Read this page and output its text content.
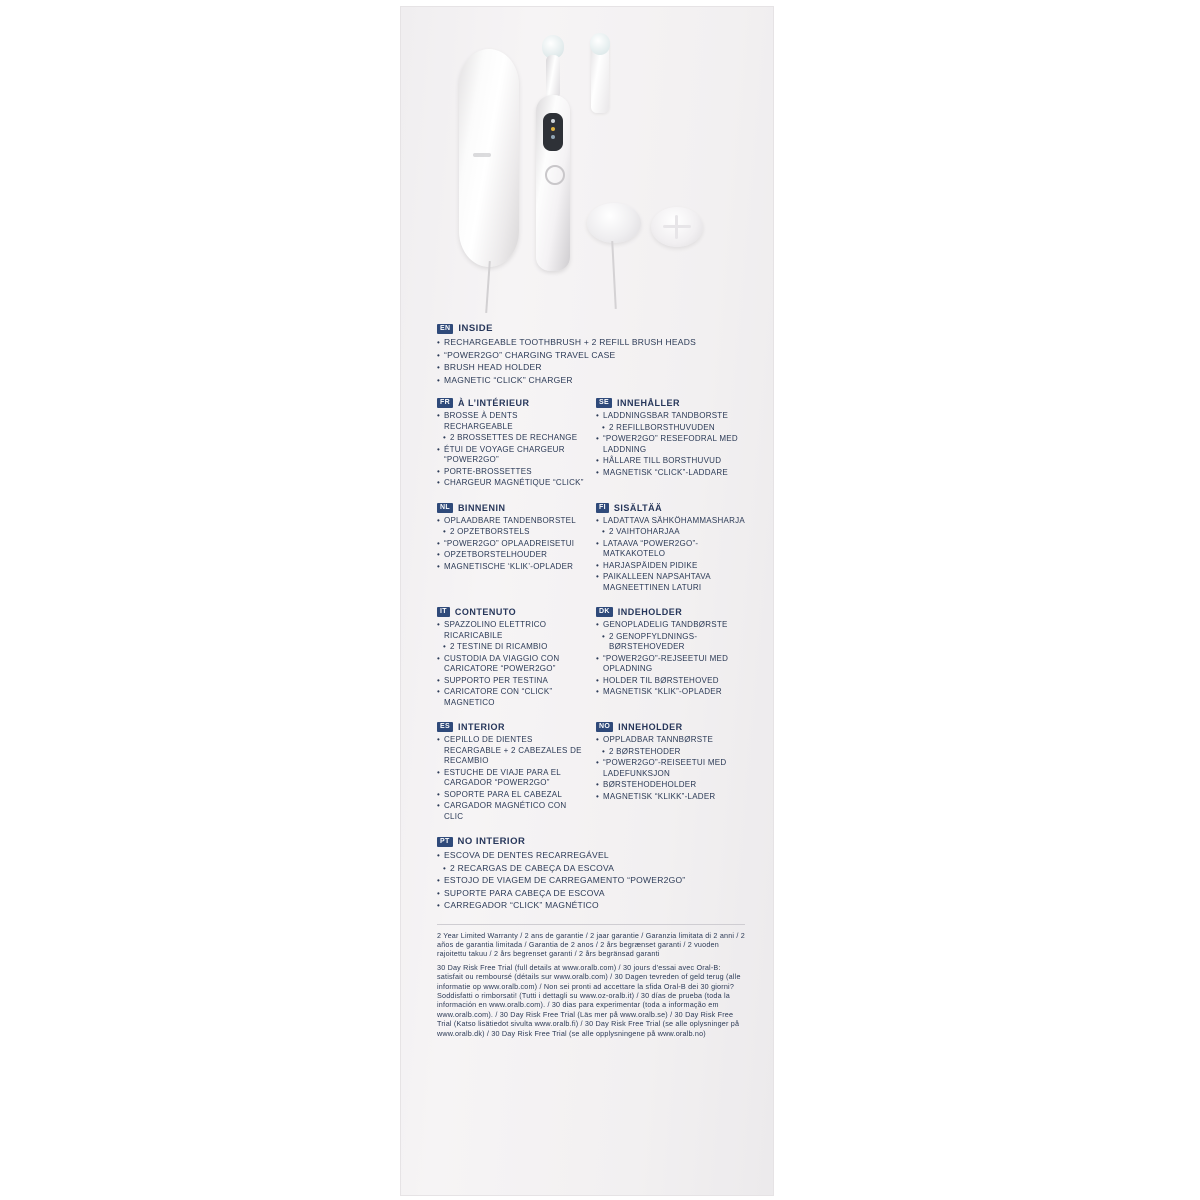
EN INSIDE
• RECHARGEABLE TOOTHBRUSH + 2 REFILL BRUSH HEADS
• “POWER2GO” CHARGING TRAVEL CASE
• BRUSH HEAD HOLDER
• MAGNETIC “CLICK” CHARGER
FR À L’INTÉRIEUR
• BROSSE À DENTS RECHARGEABLE
• 2 BROSSETTES DE RECHANGE
• ÉTUI DE VOYAGE CHARGEUR “POWER2GO”
• PORTE-BROSSETTES
• CHARGEUR MAGNÉTIQUE “CLICK”
SE INNEHÅLLER
• LADDNINGSBAR TANDBORSTE
• 2 REFILLBORSTHUVUDEN
• “POWER2GO” RESEFODRAL MED LADDNING
• HÅLLARE TILL BORSTHUVUD
• MAGNETISK “CLICK”-LADDARE
NL BINNENIN
• OPLAADBARE TANDENBORSTEL
• 2 OPZETBORSTELS
• “POWER2GO” OPLAADREISETUI
• OPZETBORSTELHOUDER
• MAGNETISCHE ‘KLIK’-OPLADER
FI SISÄLTÄÄ
• LADATTAVA SÄHKÖHAMMASHARJA
• 2 VAIHTOHARJAA
• LATAAVA “POWER2GO”-MATKAKOTELO
• HARJASPÄIDEN PIDIKE
• PAIKALLEEN NAPSAHTAVA MAGNEETTINEN LATURI
IT CONTENUTO
• SPAZZOLINO ELETTRICO RICARICABILE
• 2 TESTINE DI RICAMBIO
• CUSTODIA DA VIAGGIO CON CARICATORE “POWER2GO”
• SUPPORTO PER TESTINA
• CARICATORE CON “CLICK” MAGNETICO
DK INDEHOLDER
• GENOPLADELIG TANDBØRSTE
• 2 GENOPFYLDNINGS-BØRSTEHOVEDER
• “POWER2GO”-REJSEETUI MED OPLADNING
• HOLDER TIL BØRSTEHOVED
• MAGNETISK “KLIK”-OPLADER
ES INTERIOR
• CEPILLO DE DIENTES RECARGABLE + 2 CABEZALES DE RECAMBIO
• ESTUCHE DE VIAJE PARA EL CARGADOR “POWER2GO”
• SOPORTE PARA EL CABEZAL
• CARGADOR MAGNÉTICO CON CLIC
NO INNEHOLDER
• OPPLADBAR TANNBØRSTE
• 2 BØRSTEHODER
• “POWER2GO”-REISEETUI MED LADEFUNKSJON
• BØRSTEHODEHOLDER
• MAGNETISK “KLIKK”-LADER
PT NO INTERIOR
• ESCOVA DE DENTES RECARREGÁVEL
• 2 RECARGAS DE CABEÇA DA ESCOVA
• ESTOJO DE VIAGEM DE CARREGAMENTO “POWER2GO”
• SUPORTE PARA CABEÇA DE ESCOVA
• CARREGADOR “CLICK” MAGNÉTICO

2 Year Limited Warranty / 2 ans de garantie / 2 jaar garantie / Garanzia limitata di 2 anni / 2 años de garantia limitada / Garantia de 2 anos / 2 års begrænset garanti / 2 vuoden rajoitettu takuu / 2 års begrenset garanti / 2 års begränsad garanti

30 Day Risk Free Trial (full details at www.oralb.com) / 30 jours d’essai avec Oral-B: satisfait ou remboursé (détails sur www.oralb.com) / 30 Dagen tevreden of geld terug (alle informatie op www.oralb.com) / Non sei pronti ad accettare la sfida Oral-B dei 30 giorni? Soddisfatti o rimborsati! (Tutti i dettagli su www.oz-oralb.it) / 30 días de prueba (toda la información en www.oralb.com). / 30 dias para experimentar (toda a informação em www.oralb.com). / 30 Day Risk Free Trial (Läs mer på www.oralb.se) / 30 Day Risk Free Trial (Katso lisätiedot sivulta www.oralb.fi) / 30 Day Risk Free Trial (se alle oplysninger på www.oralb.dk) / 30 Day Risk Free Trial (se alle opplysningene på www.oralb.no)
